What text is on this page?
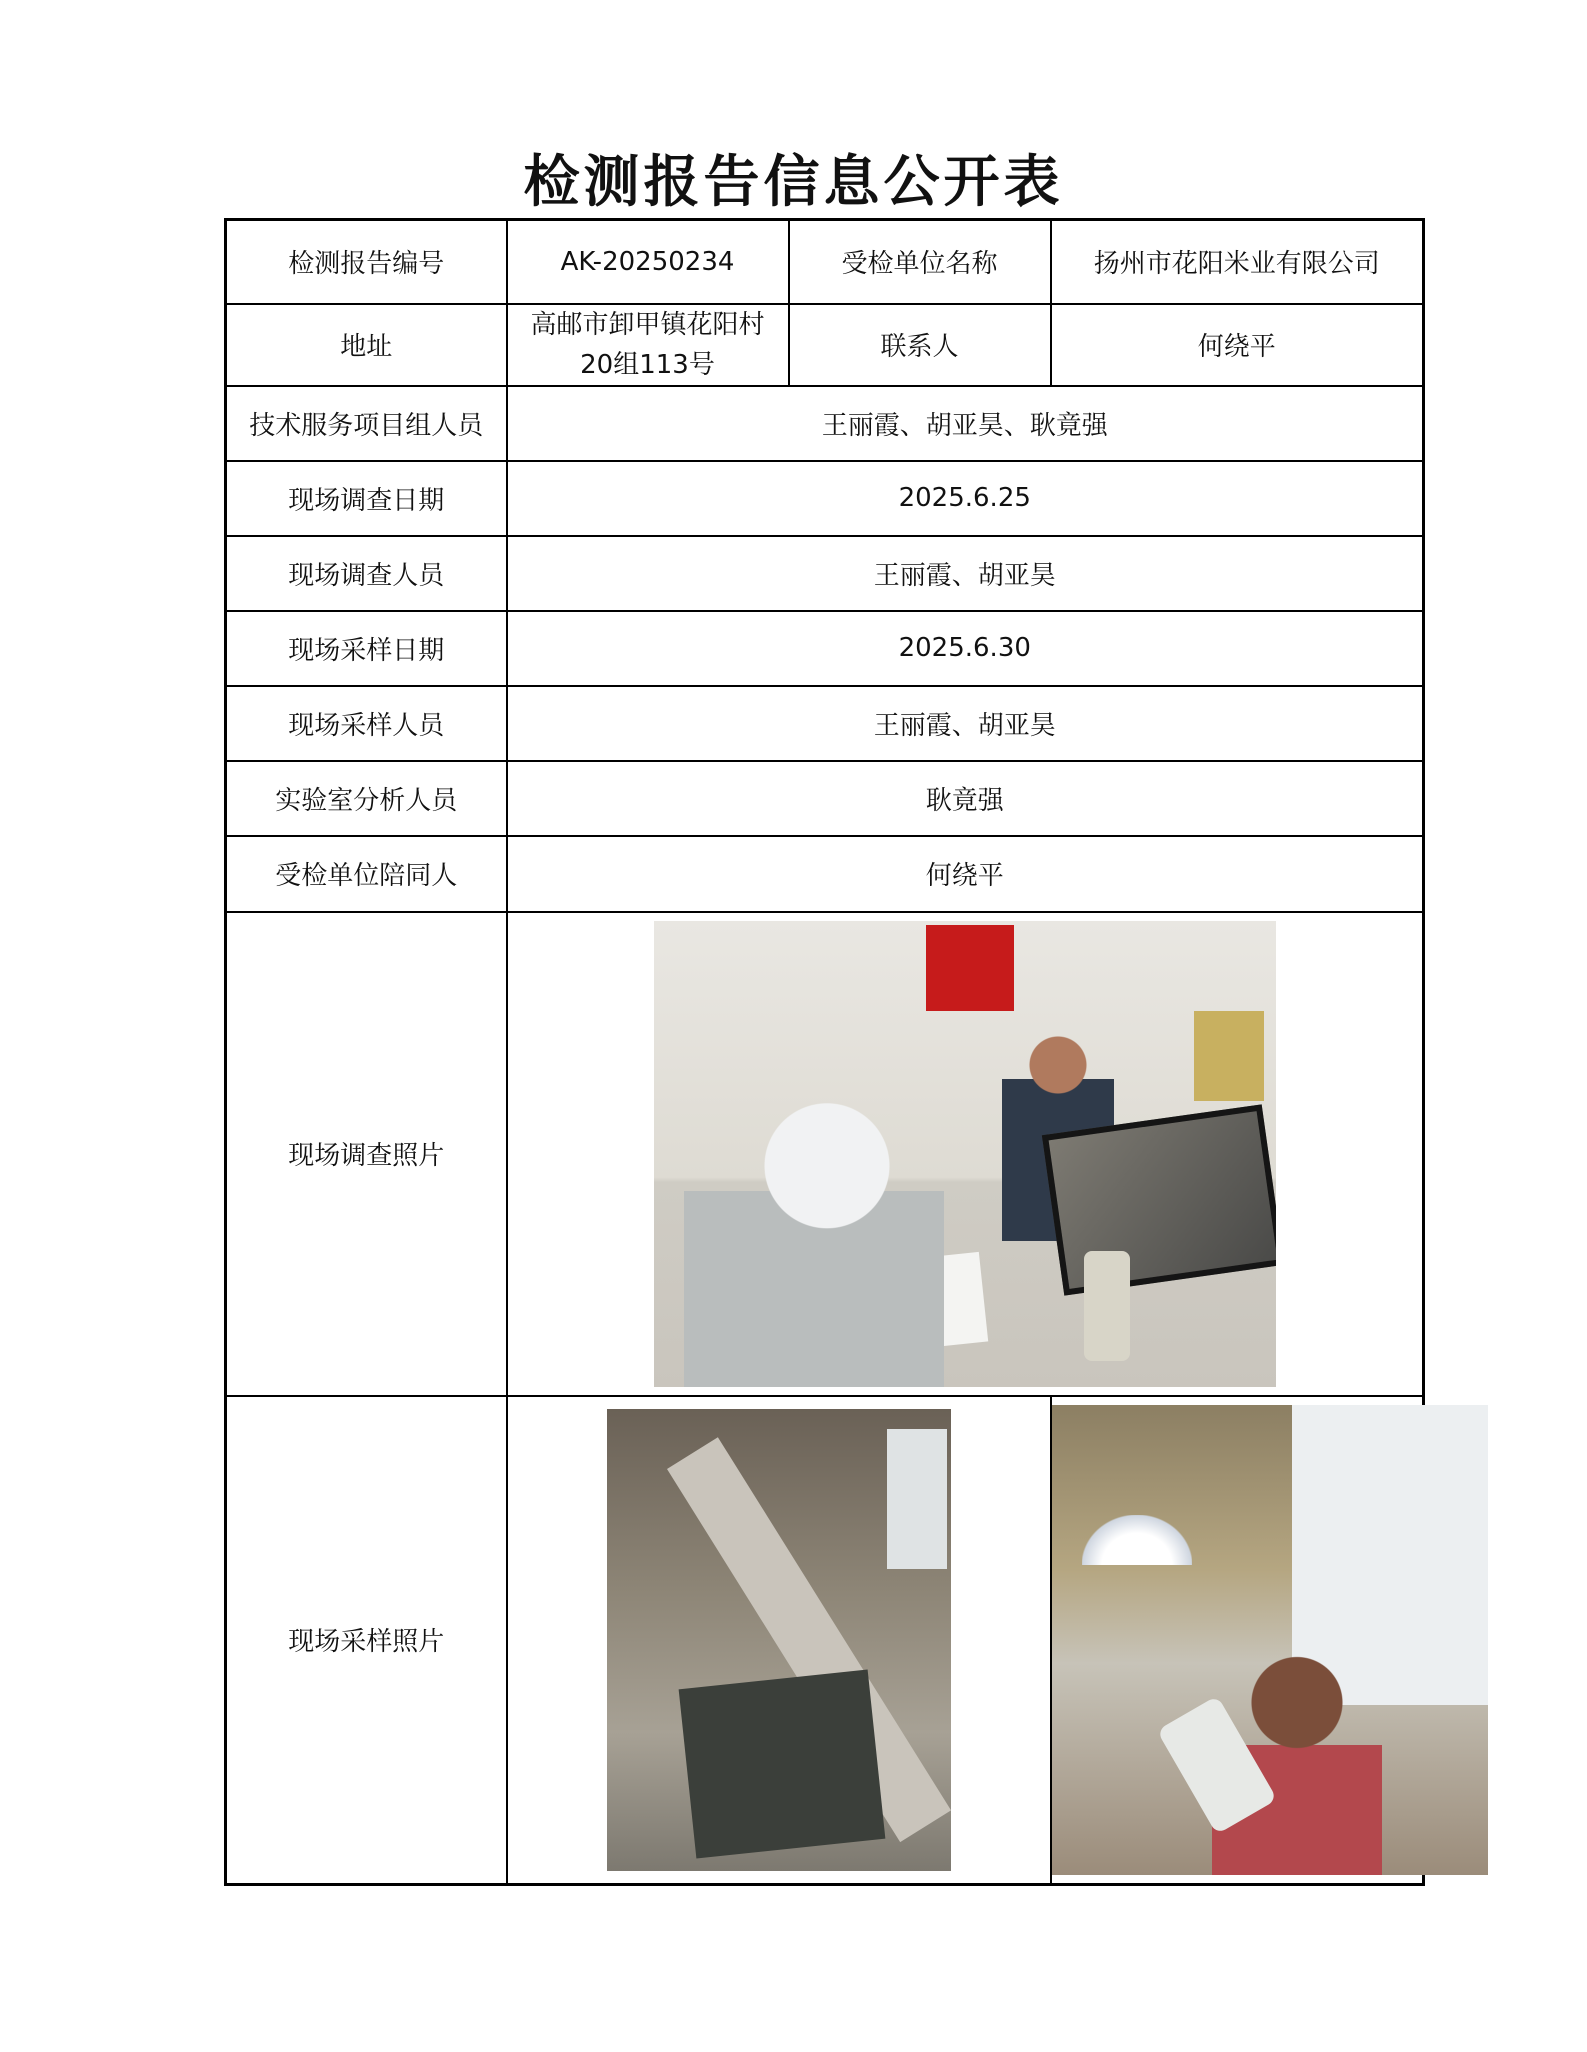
检测报告信息公开表
检测报告编号	AK-20250234	受检单位名称	扬州市花阳米业有限公司
地址	高邮市卸甲镇花阳村20组113号	联系人	何绕平
技术服务项目组人员	王丽霞、胡亚昊、耿竟强		
现场调查日期	2025.6.25		
现场调查人员	王丽霞、胡亚昊		
现场采样日期	2025.6.30		
现场采样人员	王丽霞、胡亚昊		
实验室分析人员	耿竟强		
受检单位陪同人	何绕平		
现场调查照片			

现场采样照片		
